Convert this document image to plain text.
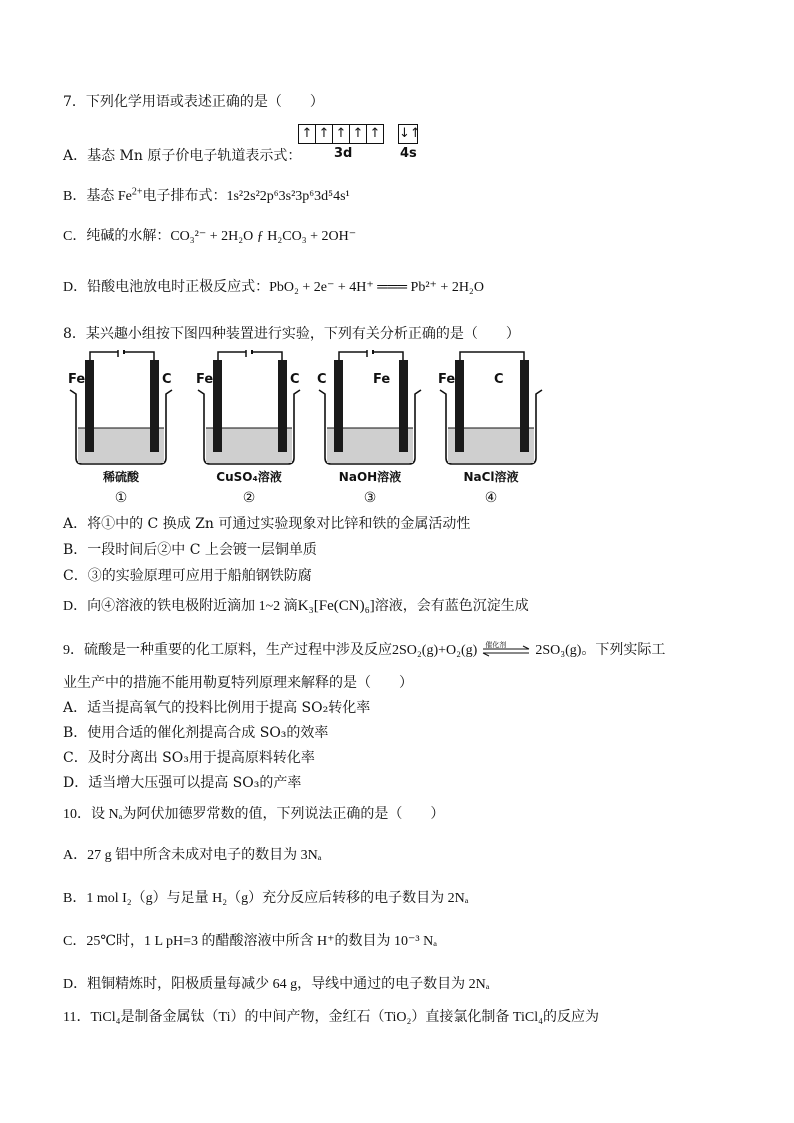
7．下列化学用语或表述正确的是（　　）
A．基态 Mn 原子价电子轨道表示式：
↑ ↑ ↑ ↑ ↑ ↓↑
3d	4s
B．基态 $Fe^{2+}$电子排布式：1s²2s²2p⁶3s²3p⁶3d⁵4s¹
C．纯碱的水解：CO₃²⁻ + 2H₂O ƒ H₂CO₃ + 2OH⁻
D．铅酸电池放电时正极反应式：PbO₂ + 2e⁻ + 4H⁺ ═══ Pb²⁺ + 2H₂O
8．某兴趣小组按下图四种装置进行实验，下列有关分析正确的是（　　）
Fe	C
稀硫酸
①
Fe	C
CuSO₄溶液
②
C	Fe
NaOH溶液
③
Fe	C
NaCl溶液
④
A．将①中的 C 换成 Zn 可通过实验现象对比锌和铁的金属活动性
B．一段时间后②中 C 上会镀一层铜单质
C．③的实验原理可应用于船舶钢铁防腐
D．向④溶液的铁电极附近滴加 1~2 滴K₃[Fe(CN)₆]溶液，会有蓝色沉淀生成
9．硫酸是一种重要的化工原料，生产过程中涉及反应2SO₂(g)+O₂(g) 催化剂 2SO₃(g)。下列实际工
业生产中的措施不能用勒夏特列原理来解释的是（　　）
A．适当提高氧气的投料比例用于提高 SO₂转化率
B．使用合适的催化剂提高合成 SO₃的效率
C．及时分离出 SO₃用于提高原料转化率
D．适当增大压强可以提高 SO₃的产率
10．设 Nₐ为阿伏加德罗常数的值，下列说法正确的是（　　）
A．27 g 铝中所含未成对电子的数目为 3Nₐ
B．1 mol I₂（g）与足量 H₂（g）充分反应后转移的电子数目为 2Nₐ
C．25℃时，1 L pH=3 的醋酸溶液中所含 H⁺的数目为 10⁻³ Nₐ
D．粗铜精炼时，阳极质量每减少 64 g，导线中通过的电子数目为 2Nₐ
11．TiCl₄是制备金属钛（Ti）的中间产物，金红石（TiO₂）直接氯化制备 TiCl₄的反应为
